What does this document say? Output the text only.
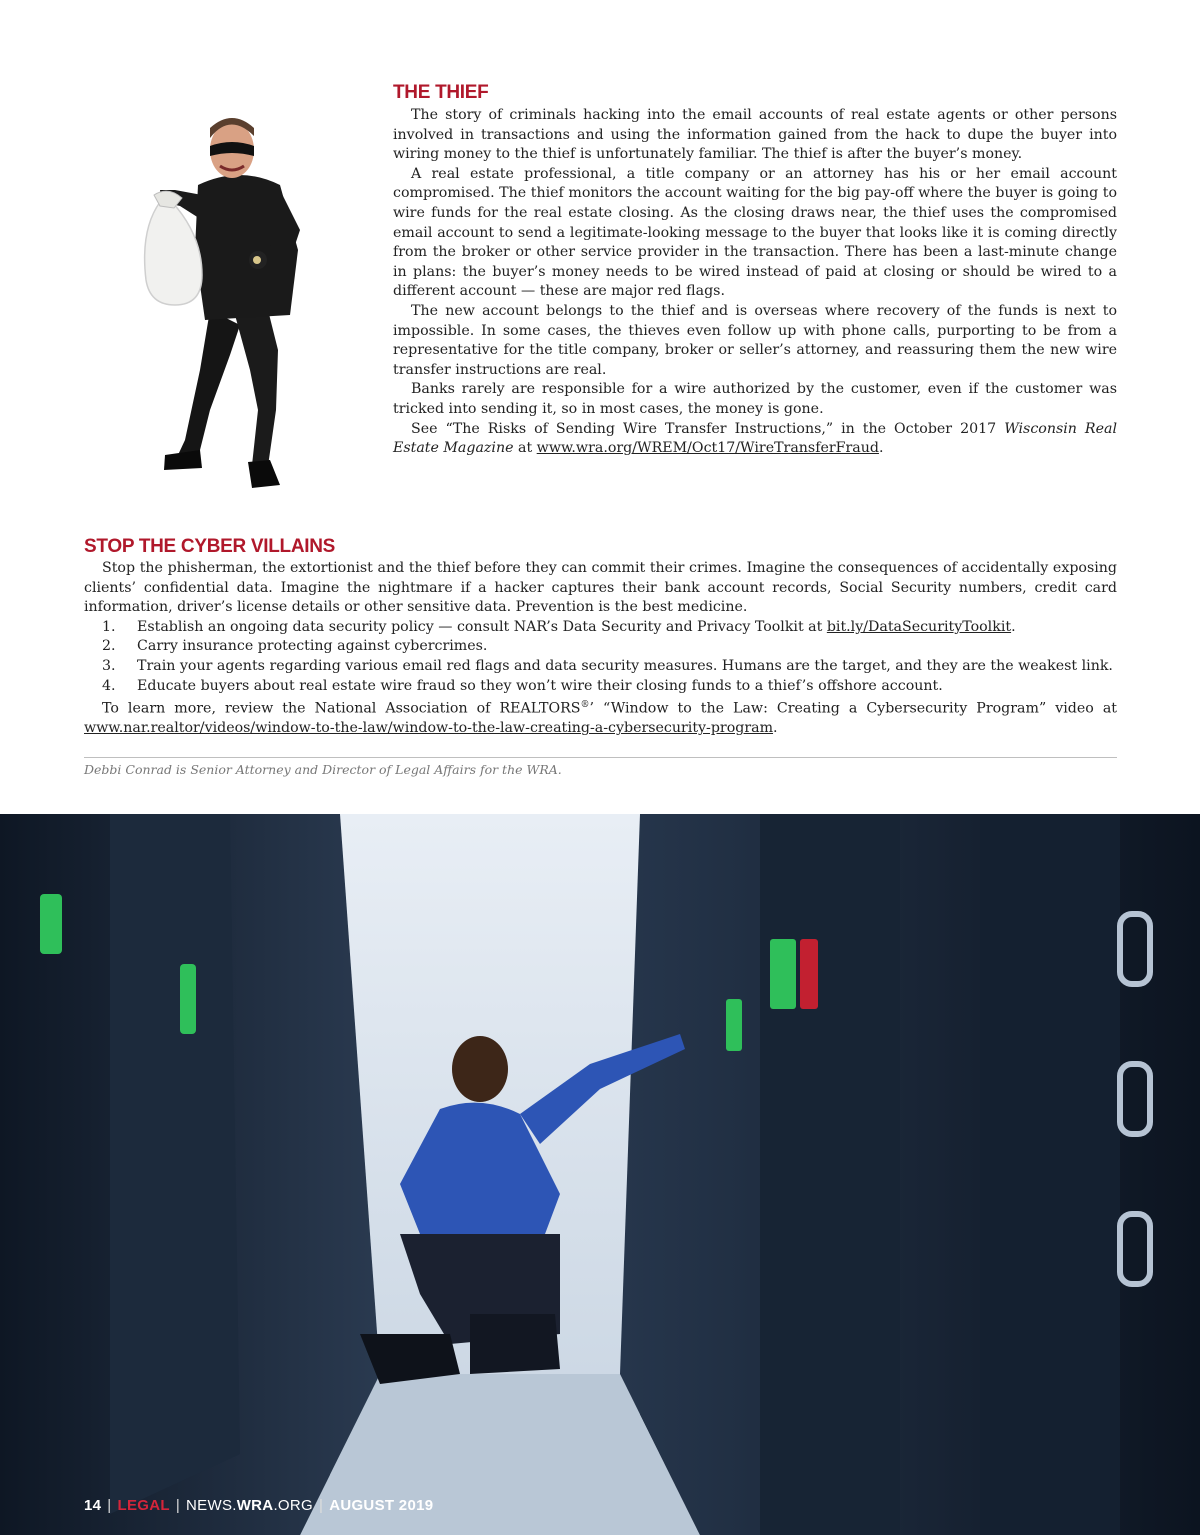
THE THIEF

The story of criminals hacking into the email accounts of real estate agents or other persons involved in transactions and using the information gained from the hack to dupe the buyer into wiring money to the thief is unfortunately familiar. The thief is after the buyer’s money.

A real estate professional, a title company or an attorney has his or her email account compromised. The thief monitors the account waiting for the big pay-off where the buyer is going to wire funds for the real estate closing. As the closing draws near, the thief uses the compromised email account to send a legitimate-looking message to the buyer that looks like it is coming directly from the broker or other service provider in the transaction. There has been a last-minute change in plans: the buyer’s money needs to be wired instead of paid at closing or should be wired to a different account — these are major red flags.

The new account belongs to the thief and is overseas where recovery of the funds is next to impossible. In some cases, the thieves even follow up with phone calls, purporting to be from a representative for the title company, broker or seller’s attorney, and reassuring them the new wire transfer instructions are real.

Banks rarely are responsible for a wire authorized by the customer, even if the customer was tricked into sending it, so in most cases, the money is gone.

See “The Risks of Sending Wire Transfer Instructions,” in the October 2017 Wisconsin Real Estate Magazine at www.wra.org/WREM/Oct17/WireTransferFraud.

STOP THE CYBER VILLAINS

Stop the phisherman, the extortionist and the thief before they can commit their crimes. Imagine the consequences of accidentally exposing clients’ confidential data. Imagine the nightmare if a hacker captures their bank account records, Social Security numbers, credit card information, driver’s license details or other sensitive data. Prevention is the best medicine.

1.	Establish an ongoing data security policy — consult NAR’s Data Security and Privacy Toolkit at bit.ly/DataSecurityToolkit.
2.	Carry insurance protecting against cybercrimes.
3.	Train your agents regarding various email red flags and data security measures. Humans are the target, and they are the weakest link.
4.	Educate buyers about real estate wire fraud so they won’t wire their closing funds to a thief’s offshore account.

To learn more, review the National Association of REALTORS®’ “Window to the Law: Creating a Cybersecurity Program” video at www.nar.realtor/videos/window-to-the-law/window-to-the-law-creating-a-cybersecurity-program.

Debbi Conrad is Senior Attorney and Director of Legal Affairs for the WRA.
14 | LEGAL | NEWS.WRA.ORG | AUGUST 2019
